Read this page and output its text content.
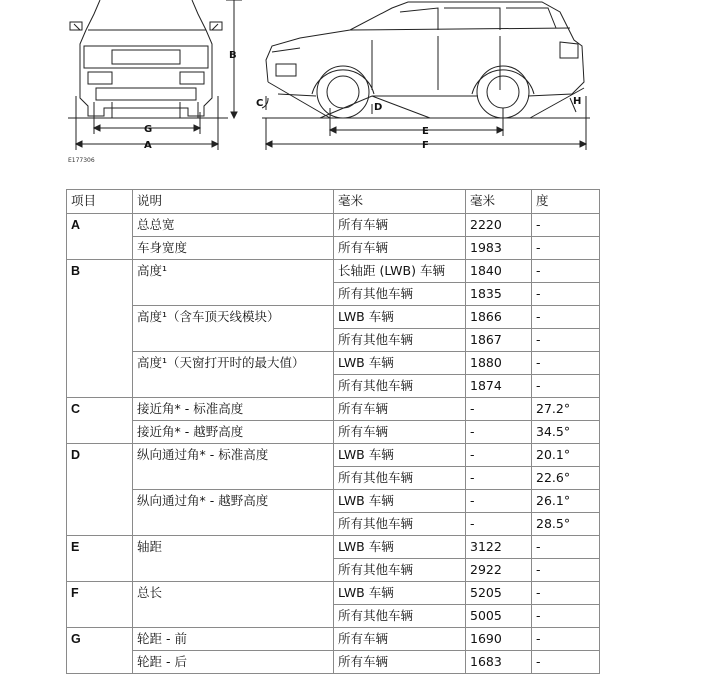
G
A
B
C	D
E
F
H
E177306
项目	说明	毫米	毫米	度
A	总总宽	所有车辆	2220	-
	车身宽度	所有车辆	1983	-
B	高度¹	长轴距 (LWB) 车辆	1840	-
		所有其他车辆	1835	-
	高度¹（含车顶天线模块）	LWB 车辆	1866	-
		所有其他车辆	1867	-
	高度¹（天窗打开时的最大值）	LWB 车辆	1880	-
		所有其他车辆	1874	-
C	接近角* - 标准高度	所有车辆	-	27.2°
	接近角* - 越野高度	所有车辆	-	34.5°
D	纵向通过角* - 标准高度	LWB 车辆	-	20.1°
		所有其他车辆	-	22.6°
	纵向通过角* - 越野高度	LWB 车辆	-	26.1°
		所有其他车辆	-	28.5°
E	轴距	LWB 车辆	3122	-
		所有其他车辆	2922	-
F	总长	LWB 车辆	5205	-
		所有其他车辆	5005	-
G	轮距 - 前	所有车辆	1690	-
	轮距 - 后	所有车辆	1683	-
